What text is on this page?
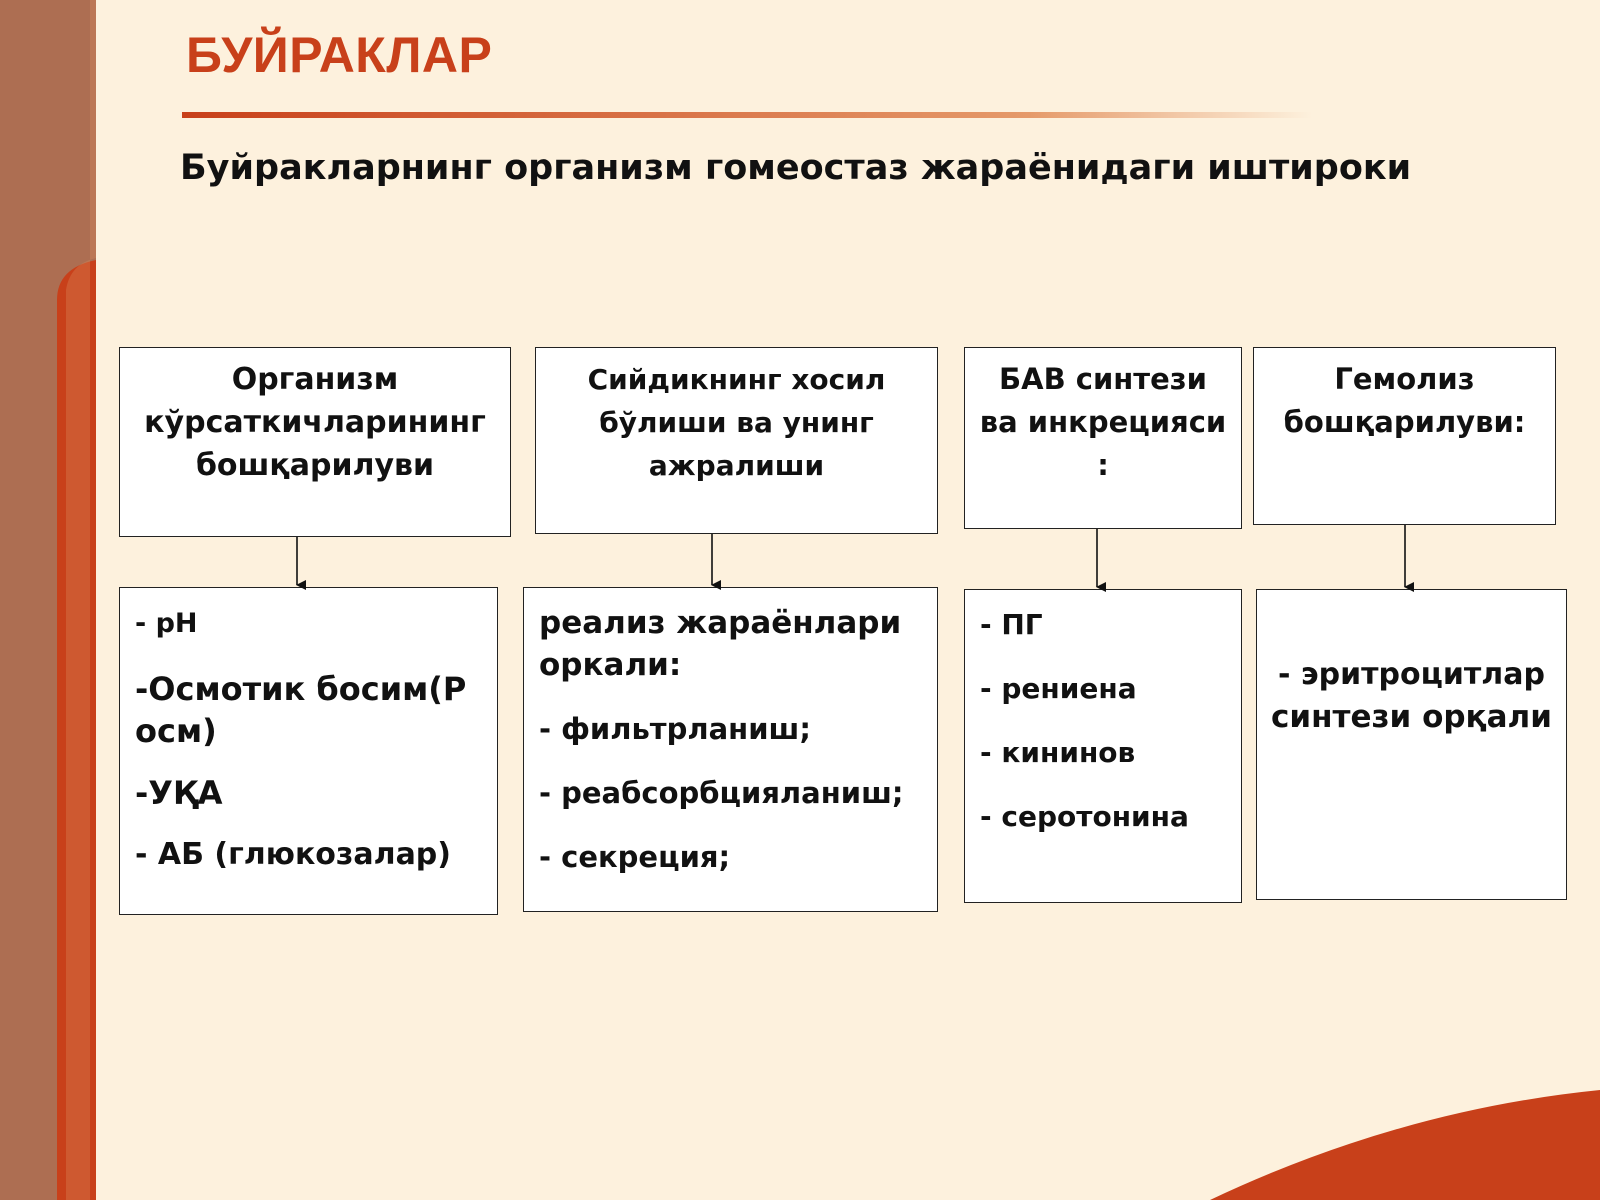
БУЙРАКЛАР
Буйракларнинг организм гомеостаз жараёнидаги иштироки
Организм
кўрсаткичларининг
бошқарилуви
- рН
-Осмотик босим(Р
осм)
-УҚА
- АБ (глюкозалар)
Сийдикнинг хосил
бўлиши ва унинг
ажралиши
реализ жараёнлари
оркали:
- фильтрланиш;
- реабсорбцияланиш;
- секреция;
БАВ синтези
ва инкрецияси
:
- ПГ
- рениена
- кининов
- серотонина
Гемолиз
бошқарилуви:
- эритроцитлар
синтези орқали
